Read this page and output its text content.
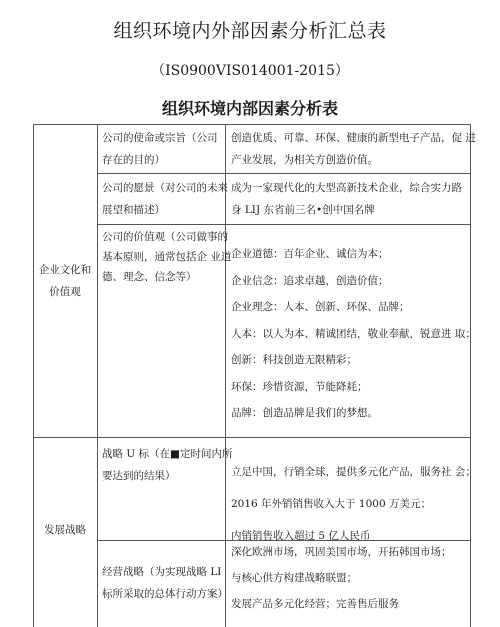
组织环境内外部因素分析汇总表
（IS0900VIS014001-2015）
组织环境内部因素分析表

企业文化和

价值观

公司的使命或宗旨（公司

存在的目的）

创造优质、可靠、环保、健康的新型电子产品，促 进

产业发展，为相关方创造价值。

公司的愿景（对公司的未来

展望和描述）

成为一家现代化的大型高新技术企业，综合实力路

身 LIJ 东省前三名•创中国名牌

公司的价值观（公司做事的

基本原则，通常包括企 业道

德、理念、信念等）

企业道德：百年企业、诚信为本；

企业信念：追求卓越，创造价值；

企业理念：人本、创新、环保、品牌；

人本：以人为本、精诚团结，敬业奉献，锐意进 取；

创新：科技创造无限精彩；

环保：珍惜资源，节能降耗；

品牌：创造品牌是我们的梦想。

发展战略

战略 U 标（在■定时间内所

要达到的结果）	立足中国，行销全球，提供多元化产品，服务社 会；

2016 年外销销售收入大于 1000 万美元；

内销销售收入超过 5 亿人民币

经营战略（为实现战略 LI

标所采取的总体行动方案）

深化欧洲市场，巩固美国市场，开拓韩国市场；

与核心供方构建战略联盟；

发展产品多元化经营；完善售后服务
